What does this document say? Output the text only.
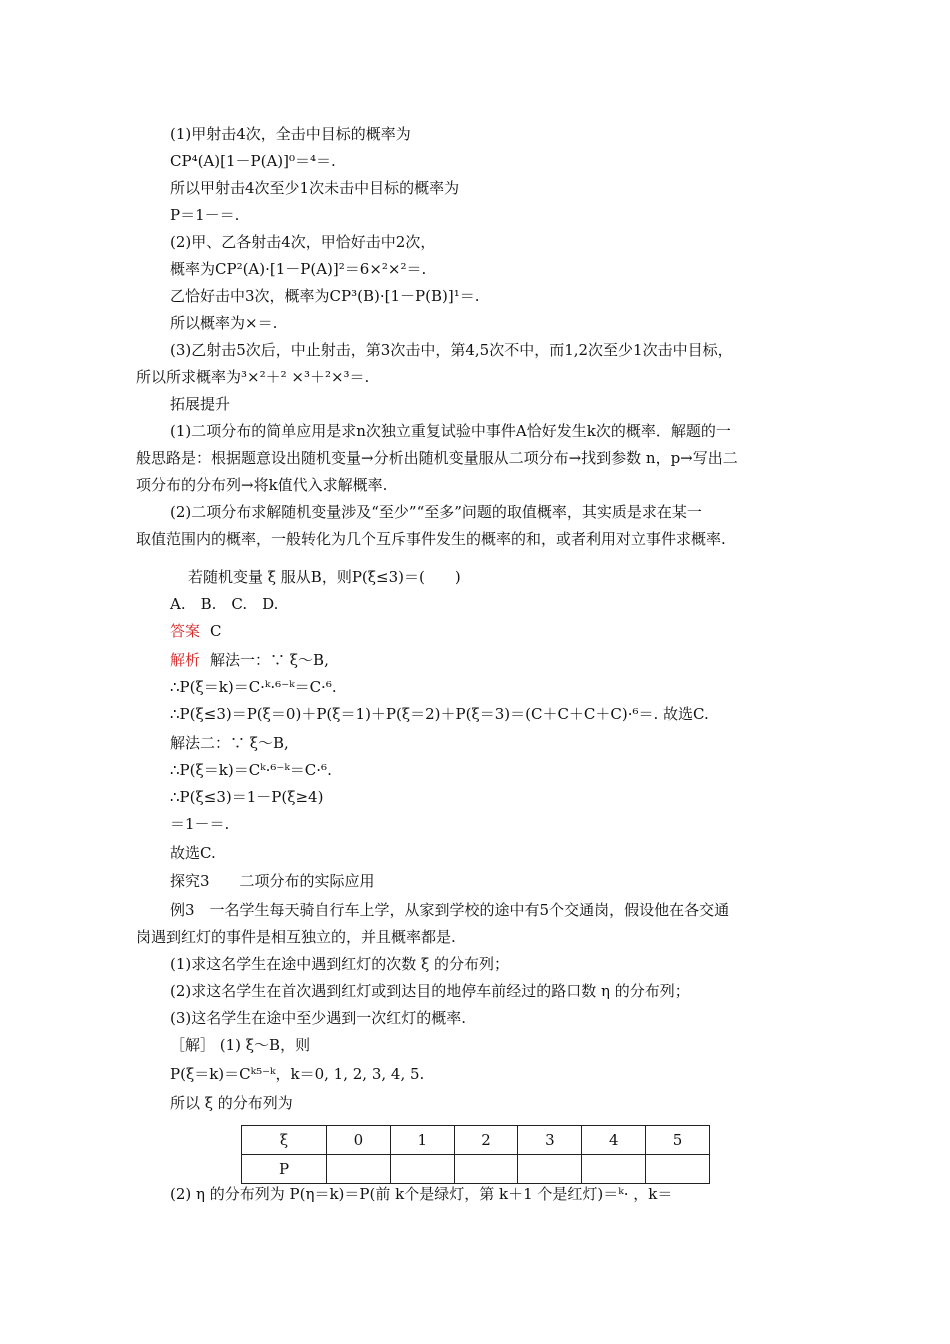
(1)甲射击4次，全击中目标的概率为
CP⁴(A)[1－P(A)]⁰＝⁴＝.
所以甲射击4次至少1次未击中目标的概率为
P＝1－＝.
(2)甲、乙各射击4次，甲恰好击中2次，
概率为CP²(A)·[1－P(A)]²＝6×²×²＝.
乙恰好击中3次，概率为CP³(B)·[1－P(B)]¹＝.
所以概率为×＝.
(3)乙射击5次后，中止射击，第3次击中，第4,5次不中，而1,2次至少1次击中目标，
所以所求概率为³×²＋² ×³＋²×³＝.
拓展提升
(1)二项分布的简单应用是求n次独立重复试验中事件A恰好发生k次的概率．解题的一
般思路是：根据题意设出随机变量→分析出随机变量服从二项分布→找到参数 n，p→写出二
项分布的分布列→将k值代入求解概率.
(2)二项分布求解随机变量涉及“至少”“至多”问题的取值概率，其实质是求在某一
取值范围内的概率，一般转化为几个互斥事件发生的概率的和，或者利用对立事件求概率.
若随机变量 ξ 服从B，则P(ξ≤3)＝(　　)
A.　B.　C.　D.
答案 C
解析 解法一：∵ ξ～B,
∴P(ξ＝k)＝C·ᵏ·⁶⁻ᵏ＝C·⁶.
∴P(ξ≤3)＝P(ξ＝0)＋P(ξ＝1)＋P(ξ＝2)＋P(ξ＝3)＝(C＋C＋C＋C)·⁶＝. 故选C.
解法二：∵ ξ～B,
∴P(ξ＝k)＝Cᵏ·⁶⁻ᵏ＝C·⁶.
∴P(ξ≤3)＝1－P(ξ≥4)
＝1－＝.
故选C.
探究3　　二项分布的实际应用
例3　一名学生每天骑自行车上学，从家到学校的途中有5个交通岗，假设他在各交通
岗遇到红灯的事件是相互独立的，并且概率都是.
(1)求这名学生在途中遇到红灯的次数 ξ 的分布列；
(2)求这名学生在首次遇到红灯或到达目的地停车前经过的路口数 η 的分布列；
(3)这名学生在途中至少遇到一次红灯的概率.
［解］ (1) ξ～B，则
P(ξ＝k)＝Cᵏ⁵⁻ᵏ，k＝0, 1, 2, 3, 4, 5.
所以 ξ 的分布列为
ξ	0	1	2	3	4	5
P						
(2) η 的分布列为 P(η＝k)＝P(前 k个是绿灯，第 k＋1 个是红灯)＝ᵏ· ，k＝
